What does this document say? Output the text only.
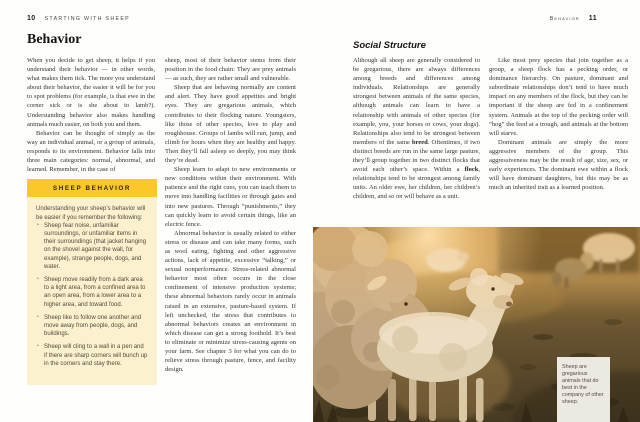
10 STARTING WITH SHEEP
Behavior

When you decide to get sheep, it helps if you understand their behavior — in other words, what makes them tick. The more you understand about their behavior, the easier it will be for you to spot problems (for example, is that ewe in the corner sick or is she about to lamb?). Understanding behavior also makes handling animals much easier, on both you and them.

Behavior can be thought of simply as the way an individual animal, or a group of animals, responds to its environment. Behavior falls into three main categories: normal, abnormal, and learned. Remember, in the case of

SHEEP BEHAVIOR

Understanding your sheep’s behavior will be easier if you remember the following:

• Sheep fear noise, unfamiliar surroundings, or unfamiliar items in their surroundings (that jacket hanging on the shovel against the wall, for example), strange people, dogs, and water.
• Sheep move readily from a dark area to a light area, from a confined area to an open area, from a lower area to a higher area, and toward food.
• Sheep like to follow one another and move away from people, dogs, and buildings.
• Sheep will cling to a wall in a pen and if there are sharp corners will bunch up in the corners and stay there.

sheep, most of their behavior stems from their position in the food chain: They are prey animals — as such, they are rather small and vulnerable.

Sheep that are behaving normally are content and alert. They have good appetites and bright eyes. They are gregarious animals, which contributes to their flocking nature. Youngsters, like those of other species, love to play and roughhouse. Groups of lambs will run, jump, and climb for hours when they are healthy and happy. Then they’ll fall asleep so deeply, you may think they’re dead.

Sheep learn to adapt to new environments or new conditions within their environment. With patience and the right cues, you can teach them to move into handling facilities or through gates and into new pastures. Through “punishments,” they can quickly learn to avoid certain things, like an electric fence.

Abnormal behavior is usually related to either stress or disease and can take many forms, such as wool eating, fighting and other aggressive actions, lack of appetite, excessive “talking,” or sexual nonperformance. Stress-related abnormal behavior most often occurs in the close confinement of intensive production systems; these abnormal behaviors rarely occur in animals raised in an extensive, pasture-based system. If left unchecked, the stress that contributes to abnormal behaviors creates an environment in which disease can get a strong foothold. It’s best to eliminate or minimize stress-causing agents on your farm. See chapter 3 for what you can do to relieve stress through pasture, fence, and facility design.

Behavior 11
Social Structure

Although all sheep are generally considered to be gregarious, there are always differences among breeds and differences among individuals. Relationships are generally strongest between animals of the same species, although animals can learn to have a relationship with animals of other species (for example, you, your horses or cows, your dogs). Relationships also tend to be strongest between members of the same breed. Oftentimes, if two distinct breeds are run in the same large pasture, they’ll group together in two distinct flocks that avoid each other’s space. Within a flock, relationships tend to be strongest among family units. An older ewe, her children, her children’s children, and so on will behave as a unit.

Like most prey species that join together as a group, a sheep flock has a pecking order, or dominance hierarchy. On pasture, dominant and subordinate relationships don’t tend to have much impact on any members of the flock, but they can be important if the sheep are fed in a confinement system. Animals at the top of the pecking order will “hog” the feed at a trough, and animals at the bottom will starve.

Dominant animals are simply the more aggressive members of the group. This aggressiveness may be the result of age, size, sex, or early experiences. The dominant ewe within a flock will have dominant daughters, but this may be as much an inherited trait as a learned position.

Sheep are gregarious animals that do best in the company of other sheep.
